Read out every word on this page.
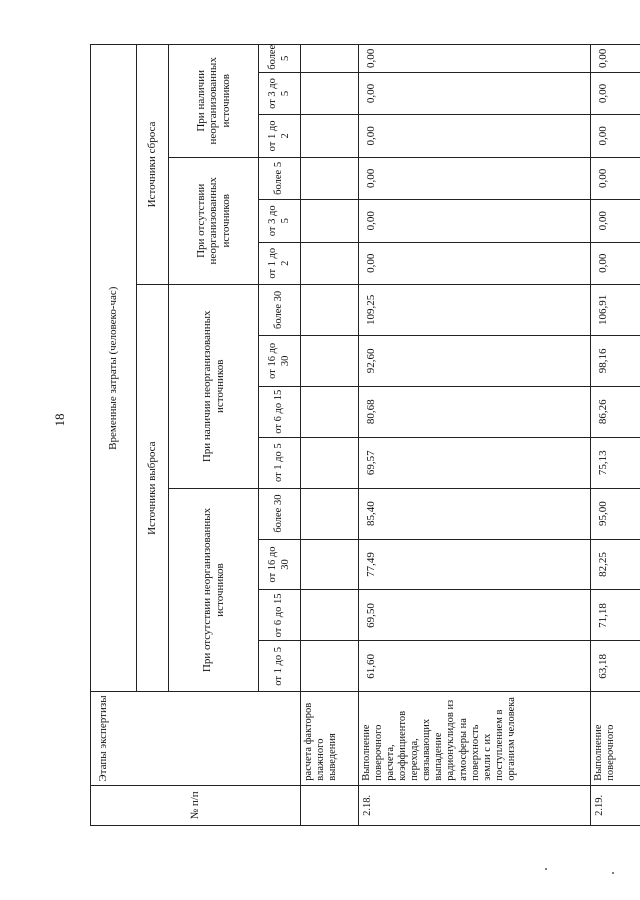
18
№ п/п	Этапы экспертизы	Временные затраты (человеко-час)													
		Источники выброса								Источники сброса					
		При отсутствии неорганизованных источников				При наличии неорганизованных источников				При отсутствии неорганизованных источников			При наличии неорганизованных источников		
		от 1 до 5	от 6 до 15	от 16 до 30	более 30	от 1 до 5	от 6 до 15	от 16 до 30	более 30	от 1 до 2	от 3 до 5	более 5	от 1 до 2	от 3 до 5	более 5
	расчета факторов влажного выведения														
2.18.	Выполнение поверочного расчета, коэффициентов перехода, связывающих выпадение радионуклидов из атмосферы на поверхность земли с их поступлением в организм человека	61,60	69,50	77,49	85,40	69,57	80,68	92,60	109,25	0,00	0,00	0,00	0,00	0,00	0,00
2.19.	Выполнение поверочного	63,18	71,18	82,25	95,00	75,13	86,26	98,16	106,91	0,00	0,00	0,00	0,00	0,00	0,00
